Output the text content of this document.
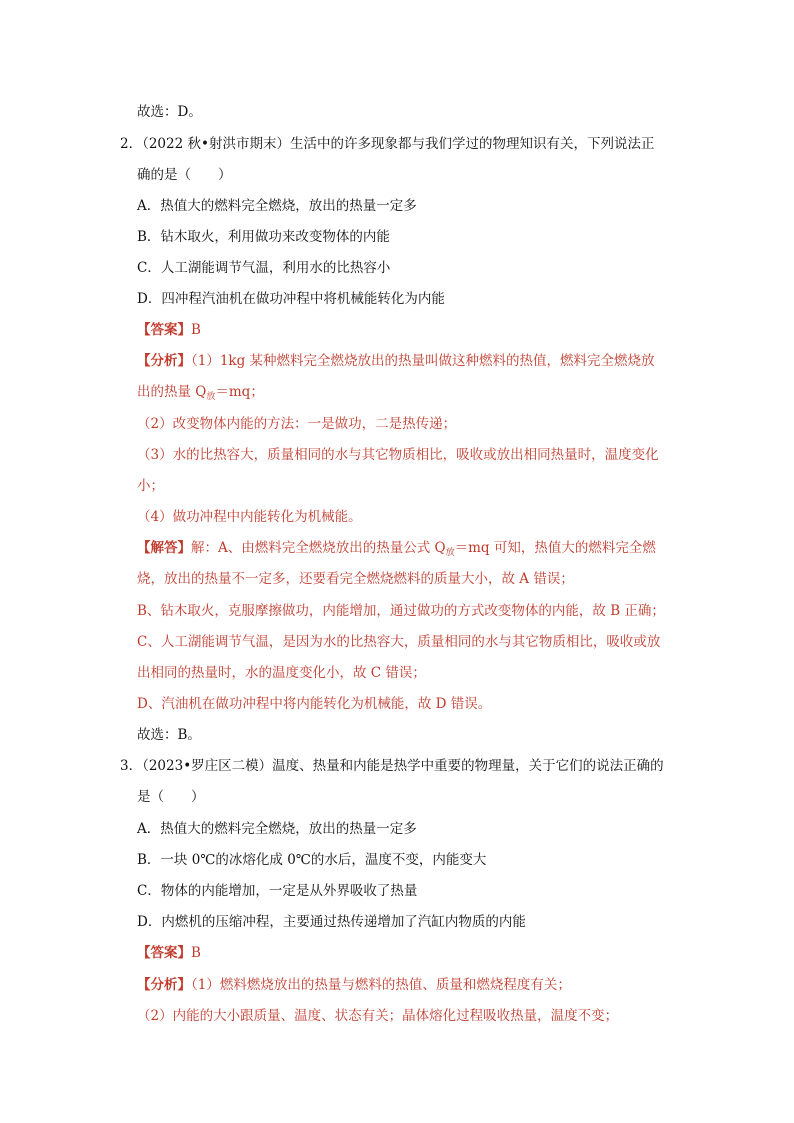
故选：D。
2．（2022 秋•射洪市期末）生活中的许多现象都与我们学过的物理知识有关，下列说法正
确的是（　　）
A．热值大的燃料完全燃烧，放出的热量一定多
B．钻木取火，利用做功来改变物体的内能
C．人工湖能调节气温，利用水的比热容小
D．四冲程汽油机在做功冲程中将机械能转化为内能
【答案】B
【分析】（1）1kg 某种燃料完全燃烧放出的热量叫做这种燃料的热值，燃料完全燃烧放
出的热量 $Q_放=mq$；
（2）改变物体内能的方法：一是做功，二是热传递；
（3）水的比热容大，质量相同的水与其它物质相比，吸收或放出相同热量时，温度变化
小；
（4）做功冲程中内能转化为机械能。
【解答】解：A、由燃料完全燃烧放出的热量公式 $Q_放=mq$ 可知，热值大的燃料完全燃
烧，放出的热量不一定多，还要看完全燃烧燃料的质量大小，故 A 错误；
B、钻木取火，克服摩擦做功，内能增加，通过做功的方式改变物体的内能，故 B 正确；
C、人工湖能调节气温，是因为水的比热容大，质量相同的水与其它物质相比，吸收或放
出相同的热量时，水的温度变化小，故 C 错误；
D、汽油机在做功冲程中将内能转化为机械能，故 D 错误。
故选：B。
3．（2023•罗庄区二模）温度、热量和内能是热学中重要的物理量，关于它们的说法正确的
是（　　）
A．热值大的燃料完全燃烧，放出的热量一定多
B．一块 0℃的冰熔化成 0℃的水后，温度不变，内能变大
C．物体的内能增加，一定是从外界吸收了热量
D．内燃机的压缩冲程，主要通过热传递增加了汽缸内物质的内能
【答案】B
【分析】（1）燃料燃烧放出的热量与燃料的热值、质量和燃烧程度有关；
（2）内能的大小跟质量、温度、状态有关；晶体熔化过程吸收热量，温度不变；
